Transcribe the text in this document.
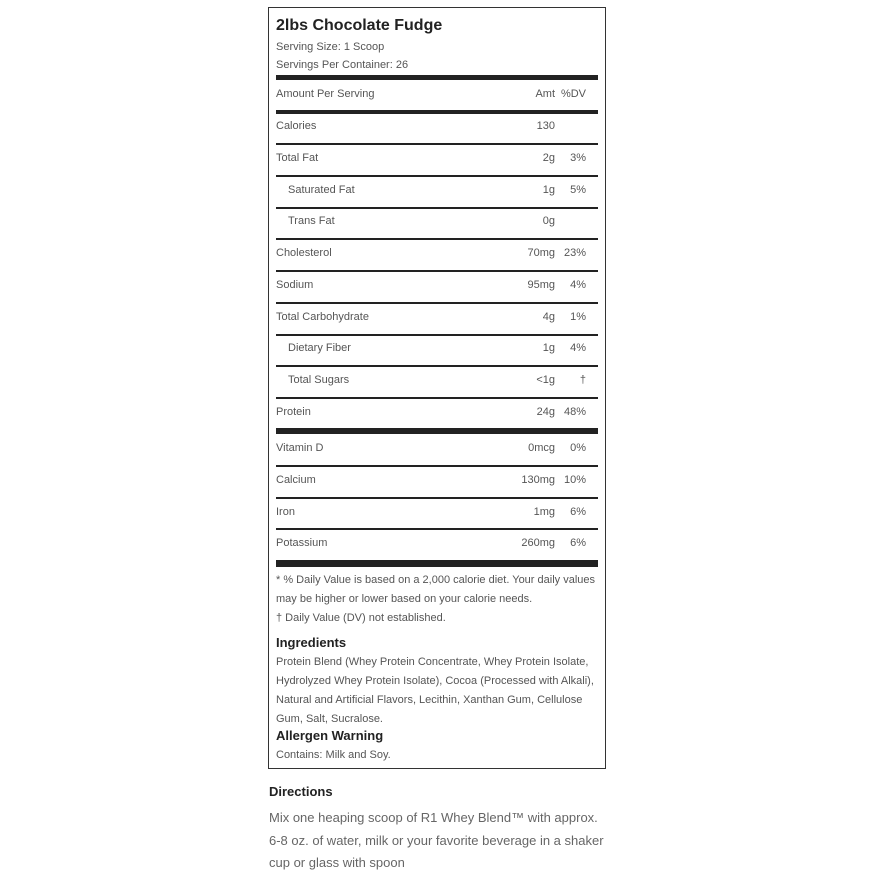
2lbs Chocolate Fudge
Serving Size: 1 Scoop
Servings Per Container: 26
Amount Per Serving	Amt %DV
Calories	130
Total Fat	2g 3%
Saturated Fat	1g 5%
Trans Fat	0g
Cholesterol	70mg 23%
Sodium	95mg 4%
Total Carbohydrate	4g 1%
Dietary Fiber	1g 4%
Total Sugars	<1g †
Protein	24g 48%
Vitamin D	0mcg 0%
Calcium	130mg 10%
Iron	1mg 6%
Potassium	260mg 6%
* % Daily Value is based on a 2,000 calorie diet. Your daily values may be higher or lower based on your calorie needs.
† Daily Value (DV) not established.
Ingredients
Protein Blend (Whey Protein Concentrate, Whey Protein Isolate, Hydrolyzed Whey Protein Isolate), Cocoa (Processed with Alkali), Natural and Artificial Flavors, Lecithin, Xanthan Gum, Cellulose Gum, Salt, Sucralose.
Allergen Warning
Contains: Milk and Soy.
Directions
Mix one heaping scoop of R1 Whey Blend™ with approx. 6-8 oz. of water, milk or your favorite beverage in a shaker cup or glass with spoon
